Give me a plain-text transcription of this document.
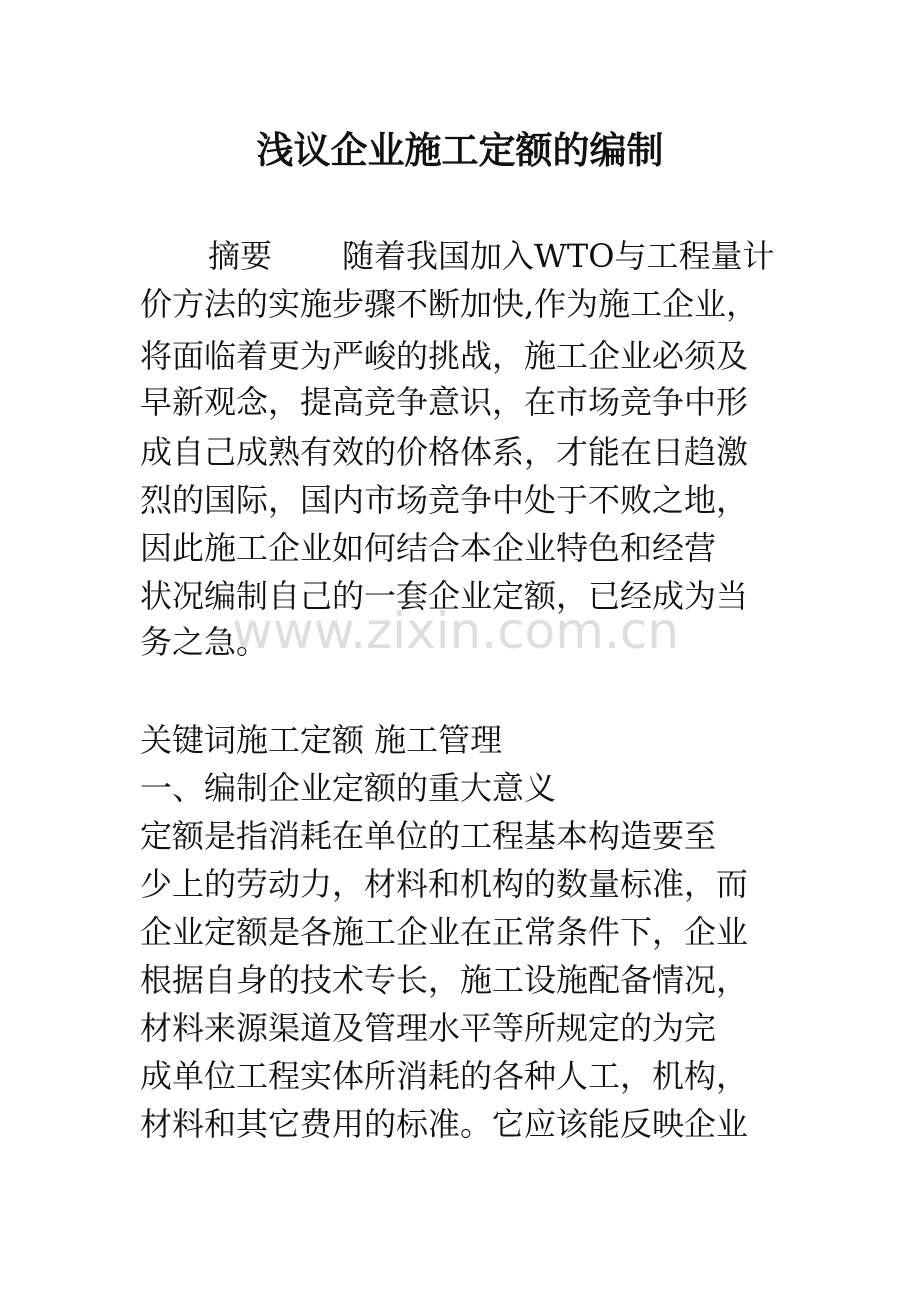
浅议企业施工定额的编制
摘要 随着我国加入WTO与工程量计
价方法的实施步骤不断加快,作为施工企业，
将面临着更为严峻的挑战，施工企业必须及
早新观念，提高竞争意识，在市场竞争中形
成自己成熟有效的价格体系，才能在日趋激
烈的国际，国内市场竞争中处于不败之地，
因此施工企业如何结合本企业特色和经营
状况编制自己的一套企业定额，已经成为当
务之急。
关键词施工定额 施工管理
一、编制企业定额的重大意义
定额是指消耗在单位的工程基本构造要至
少上的劳动力，材料和机构的数量标准，而
企业定额是各施工企业在正常条件下，企业
根据自身的技术专长，施工设施配备情况，
材料来源渠道及管理水平等所规定的为完
成单位工程实体所消耗的各种人工，机构，
材料和其它费用的标准。它应该能反映企业
www.zixin.com.cn
